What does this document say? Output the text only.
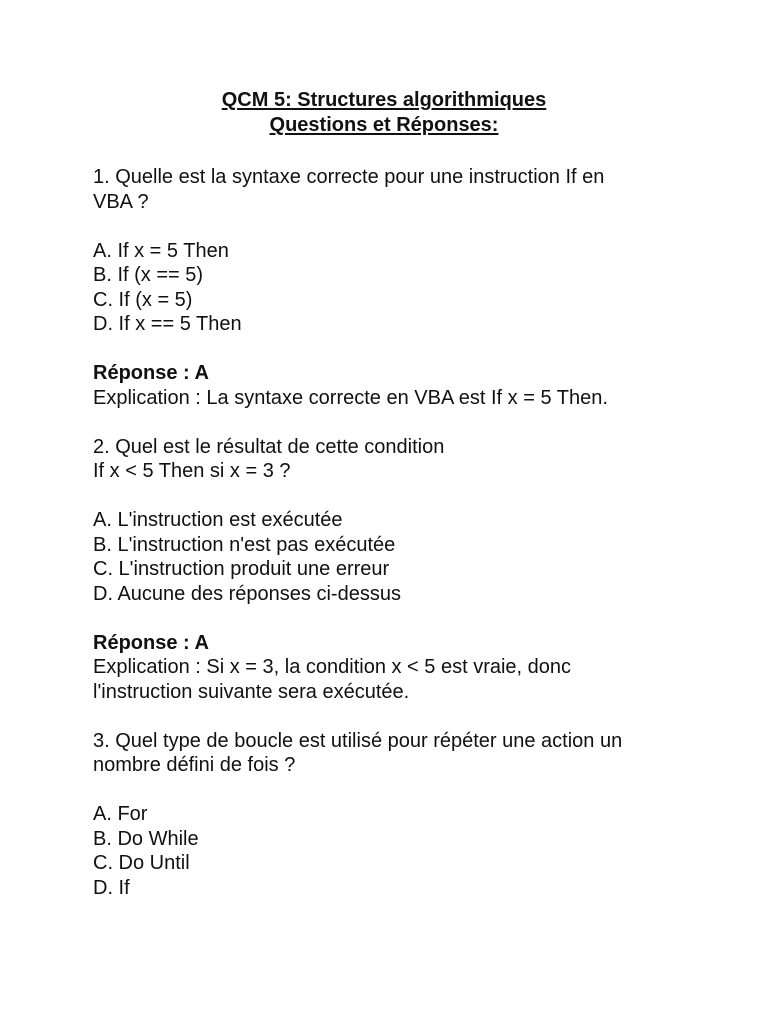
QCM 5: Structures algorithmiques
Questions et Réponses:

1. Quelle est la syntaxe correcte pour une instruction If en

VBA ?

A. If x = 5 Then

B. If (x == 5)

C. If (x = 5)

D. If x == 5 Then

Réponse : A

Explication : La syntaxe correcte en VBA est If x = 5 Then.

2. Quel est le résultat de cette condition

If x < 5 Then si x = 3 ?

A. L'instruction est exécutée

B. L'instruction n'est pas exécutée

C. L'instruction produit une erreur

D. Aucune des réponses ci-dessus

Réponse : A

Explication : Si x = 3, la condition x < 5 est vraie, donc

l'instruction suivante sera exécutée.

3. Quel type de boucle est utilisé pour répéter une action un

nombre défini de fois ?

A. For

B. Do While

C. Do Until

D. If
